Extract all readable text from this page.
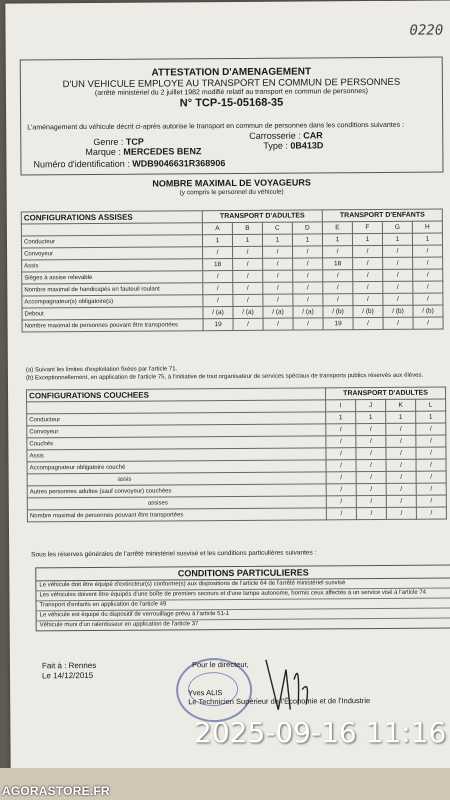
0220
ATTESTATION D'AMENAGEMENT
D'UN VEHICULE EMPLOYE AU TRANSPORT EN COMMUN DE PERSONNES
(arrêté ministériel du 2 juillet 1982 modifié relatif au transport en commun de personnes)
N° TCP-15-05168-35
L'aménagement du véhicule décrit ci-après autorise le transport en commun de personnes dans les conditions suivantes :
Genre : TCP
Marque : MERCEDES BENZ
Carrosserie : CAR
Type : 0B413D
Numéro d'identification : WDB9046631R368906
NOMBRE MAXIMAL DE VOYAGEURS
(y compris le personnel du véhicule)
CONFIGURATIONS ASSISES	TRANSPORT D'ADULTES				TRANSPORT D'ENFANTS			
	A	B	C	D	E	F	G	H
Conducteur	1	1	1	1	1	1	1	1
Convoyeur	/	/	/	/	/	/	/	/
Assis	18	/	/	/	18	/	/	/
Sièges à assise relevable	/	/	/	/	/	/	/	/
Nombre maximal de handicapés en fauteuil roulant	/	/	/	/	/	/	/	/
Accompagnateur(s) obligatoire(s)	/	/	/	/	/	/	/	/
Debout	/ (a)	/ (a)	/ (a)	/ (a)	/ (b)	/ (b)	/ (b)	/ (b)
Nombre maximal de personnes pouvant être transportées	19	/	/	/	19	/	/	/
(a) Suivant les limites d'exploitation fixées par l'article 71.
(b) Exceptionnellement, en application de l'article 75, à l'initiative de tout organisateur de services spéciaux de transports publics réservés aux élèves.
CONFIGURATIONS COUCHEES	TRANSPORT D'ADULTES			
	I	J	K	L
Conducteur	1	1	1	1
Convoyeur	/	/	/	/
Couchés	/	/	/	/
Assis	/	/	/	/
Accompagnateur obligatoire couché	/	/	/	/
assis	/	/	/	/
Autres personnes adultes (sauf convoyeur) couchées	/	/	/	/
assises	/	/	/	/
Nombre maximal de personnes pouvant être transportées	/	/	/	/
Sous les réserves générales de l'arrêté ministériel susvisé et les conditions particulières suivantes :
CONDITIONS PARTICULIERES
Le véhicule doit être équipé d'extincteur(s) conforme(s) aux dispositions de l'article 64 de l'arrêté ministériel susvisé
Les véhicules doivent être équipés d'une boîte de premiers secours et d'une lampe autonome, hormis ceux affectés à un service visé à l'article 74
Transport d'enfants en application de l'article 49
Le véhicule est équipé du dispositif de verrouillage prévu à l'article 51-1
Véhicule muni d'un ralentisseur en application de l'article 37
Fait à : Rennes
Le 14/12/2015
Pour le directeur,
Yves ALIS
Le Technicien Supérieur de l'Économie et de l'Industrie
2025-09-16 11:16
AGORASTORE.FR
